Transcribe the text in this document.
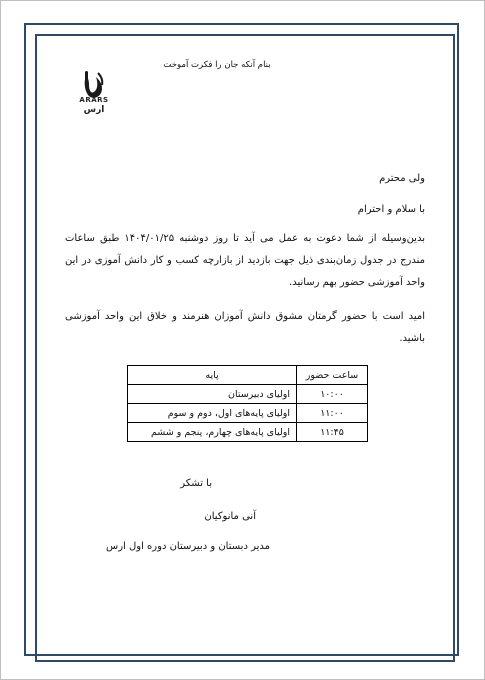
ARARS
ارس
بنام آنکه جان را فکرت آموخت
ولی محترم
با سلام و احترام
بدین‌وسیله از شما دعوت به عمل می آید تا روز دوشنبه ۱۴۰۴/۰۱/۲۵ طبق ساعات مندرج در جدول زمان‌بندی ذیل جهت بازدید از بازارچه کسب و کار دانش آموزی در این واحد آموزشی حضور بهم رسانید.
امید است با حضور گرمتان مشوق دانش آموزان هنرمند و خلاق این واحد آموزشی باشید.
ساعت حضور	پایه
۱۰:۰۰	اولیای دبیرستان
۱۱:۰۰	اولیای پایه‌های اول، دوم و سوم
۱۱:۴۵	اولیای پایه‌های چهارم، پنجم و ششم
با تشکر
آنی مانوکیان
مدیر دبستان و دبیرستان دوره اول ارس
